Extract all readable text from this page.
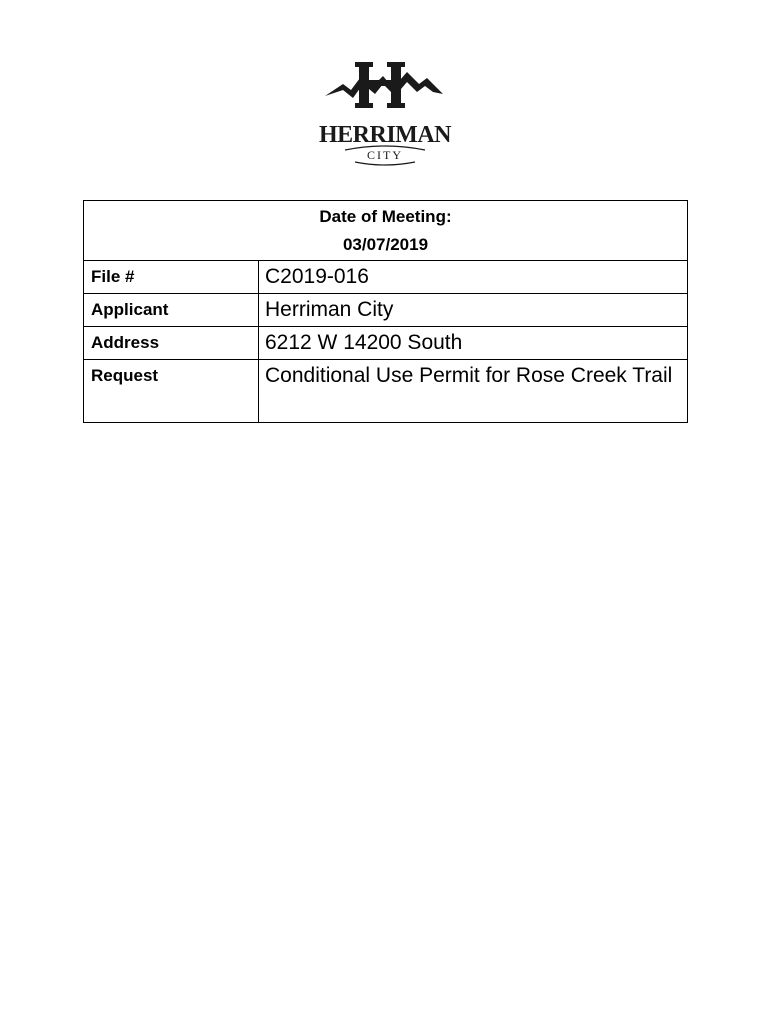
HERRIMAN
CITY
Date of Meeting:
03/07/2019	

File #	C2019-016
Applicant	Herriman City
Address	6212 W 14200 South
Request	Conditional Use Permit for Rose Creek Trail
